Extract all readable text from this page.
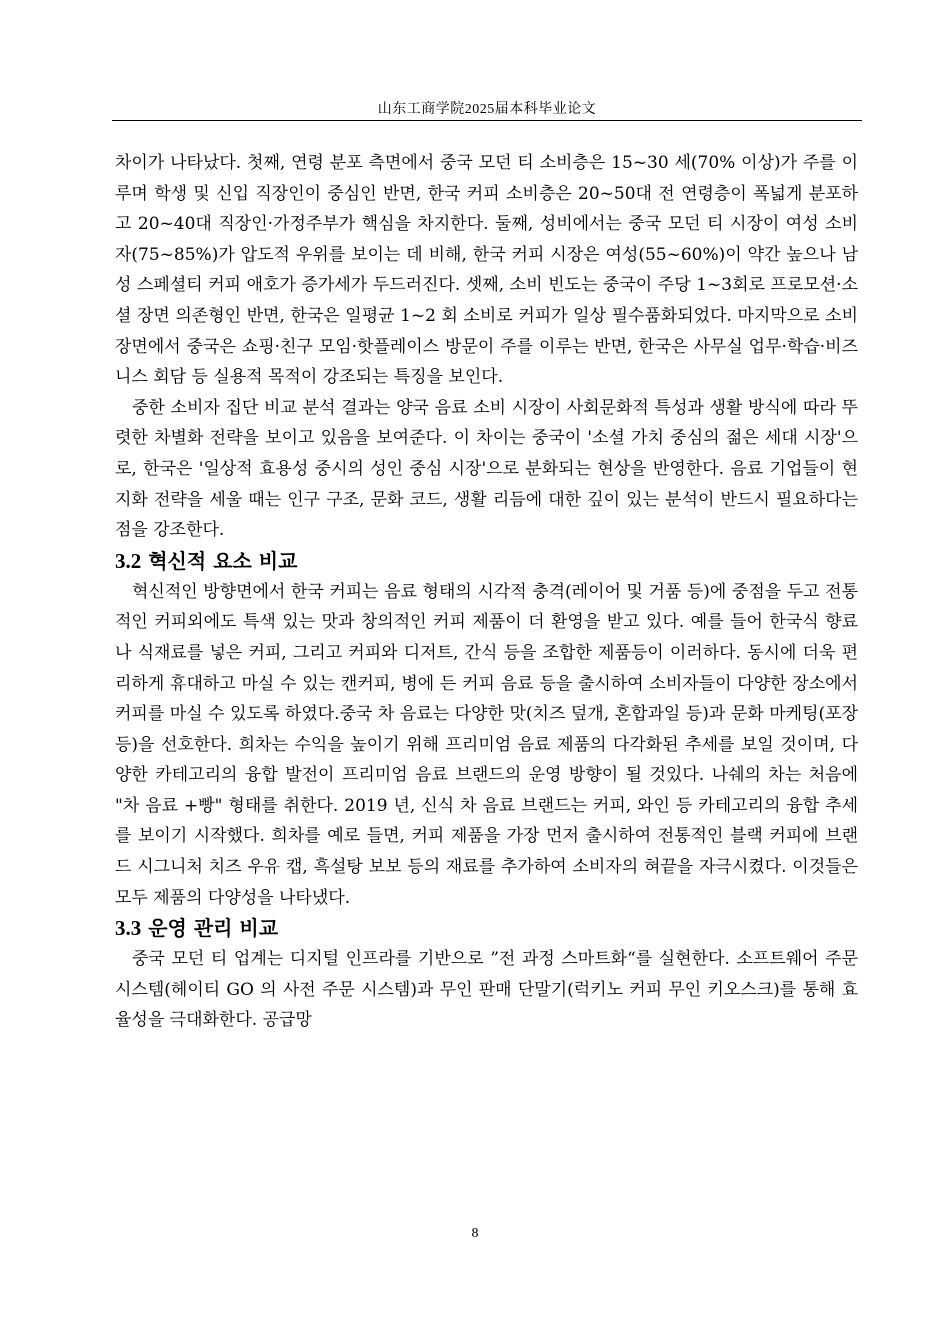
山东工商学院2025届本科毕业论文

차이가 나타났다. 첫째, 연령 분포 측면에서 중국 모던 티 소비층은 15~30 세(70% 이상)가 주를 이루며 학생 및 신입 직장인이 중심인 반면, 한국 커피 소비층은 20~50대 전 연령층이 폭넓게 분포하고 20~40대 직장인·가정주부가 핵심을 차지한다. 둘째, 성비에서는 중국 모던 티 시장이 여성 소비자(75~85%)가 압도적 우위를 보이는 데 비해, 한국 커피 시장은 여성(55~60%)이 약간 높으나 남성 스페셜티 커피 애호가 증가세가 두드러진다. 셋째, 소비 빈도는 중국이 주당 1~3회로 프로모션·소셜 장면 의존형인 반면, 한국은 일평균 1~2 회 소비로 커피가 일상 필수품화되었다. 마지막으로 소비 장면에서 중국은 쇼핑·친구 모임·핫플레이스 방문이 주를 이루는 반면, 한국은 사무실 업무·학습·비즈니스 회담 등 실용적 목적이 강조되는 특징을 보인다.

중한 소비자 집단 비교 분석 결과는 양국 음료 소비 시장이 사회문화적 특성과 생활 방식에 따라 뚜렷한 차별화 전략을 보이고 있음을 보여준다. 이 차이는 중국이 '소셜 가치 중심의 젊은 세대 시장'으로, 한국은 '일상적 효용성 중시의 성인 중심 시장'으로 분화되는 현상을 반영한다. 음료 기업들이 현지화 전략을 세울 때는 인구 구조, 문화 코드, 생활 리듬에 대한 깊이 있는 분석이 반드시 필요하다는 점을 강조한다.

3.2 혁신적 요소 비교

혁신적인 방향면에서 한국 커피는 음료 형태의 시각적 충격(레이어 및 거품 등)에 중점을 두고 전통적인 커피외에도 특색 있는 맛과 창의적인 커피 제품이 더 환영을 받고 있다. 예를 들어 한국식 향료나 식재료를 넣은 커피, 그리고 커피와 디저트, 간식 등을 조합한 제품등이 이러하다. 동시에 더욱 편리하게 휴대하고 마실 수 있는 캔커피, 병에 든 커피 음료 등을 출시하여 소비자들이 다양한 장소에서 커피를 마실 수 있도록 하였다.중국 차 음료는 다양한 맛(치즈 덮개, 혼합과일 등)과 문화 마케팅(포장 등)을 선호한다. 희차는 수익을 높이기 위해 프리미엄 음료 제품의 다각화된 추세를 보일 것이며, 다양한 카테고리의 융합 발전이 프리미엄 음료 브랜드의 운영 방향이 될 것있다. 나쉐의 차는 처음에 "차 음료 +빵" 형태를 취한다. 2019 년, 신식 차 음료 브랜드는 커피, 와인 등 카테고리의 융합 추세를 보이기 시작했다. 희차를 예로 들면, 커피 제품을 가장 먼저 출시하여 전통적인 블랙 커피에 브랜드 시그니처 치즈 우유 캡, 흑설탕 보보 등의 재료를 추가하여 소비자의 혀끝을 자극시켰다. 이것들은 모두 제품의 다양성을 나타냈다.

3.3 운영 관리 비교

중국 모던 티 업계는 디지털 인프라를 기반으로 ”전 과정 스마트화“를 실현한다. 소프트웨어 주문 시스템(헤이티 GO 의 사전 주문 시스템)과 무인 판매 단말기(럭키노 커피 무인 키오스크)를 통해 효율성을 극대화한다. 공급망

8
